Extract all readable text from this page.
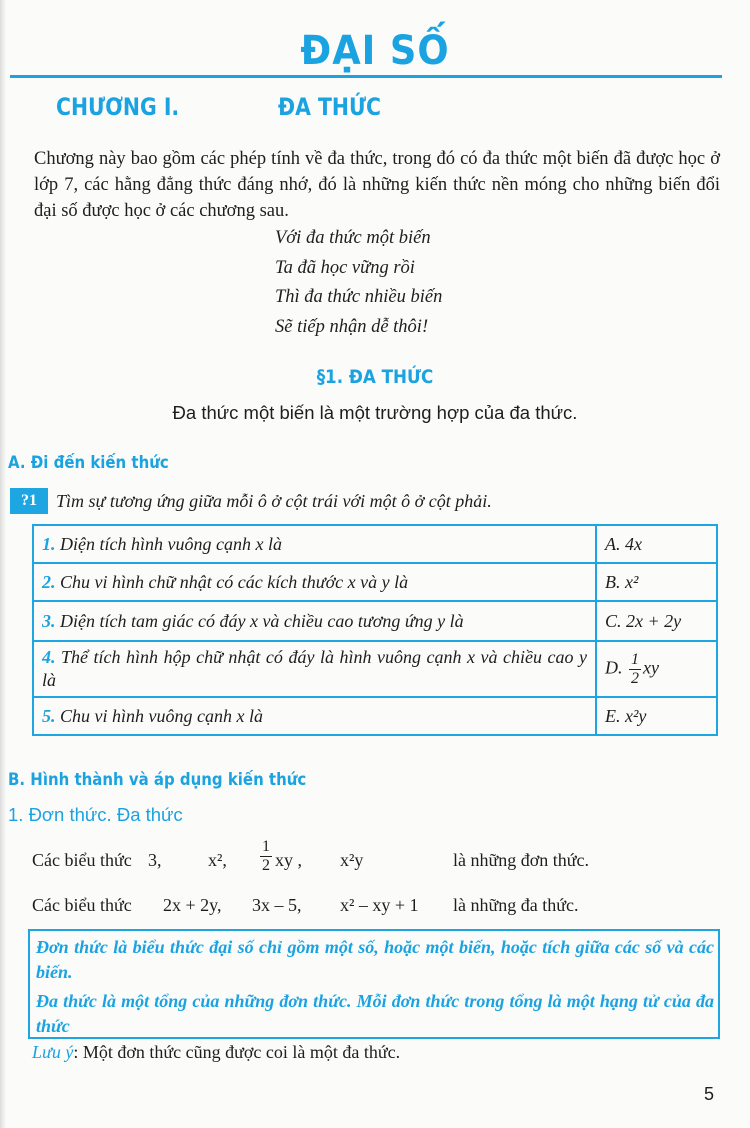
ĐẠI SỐ
CHƯƠNG I.	ĐA THỨC
Chương này bao gồm các phép tính về đa thức, trong đó có đa thức một biến đã được học ở lớp 7, các hằng đẳng thức đáng nhớ, đó là những kiến thức nền móng cho những biến đổi đại số được học ở các chương sau.
Với đa thức một biến
Ta đã học vững rồi
Thì đa thức nhiều biến
Sẽ tiếp nhận dễ thôi!
§1. ĐA THỨC
Đa thức một biến là một trường hợp của đa thức.
A. Đi đến kiến thức
?1	Tìm sự tương ứng giữa mỗi ô ở cột trái với một ô ở cột phải.
1. Diện tích hình vuông cạnh x là	A. 4x
2. Chu vi hình chữ nhật có các kích thước x và y là	B. x²
3. Diện tích tam giác có đáy x và chiều cao tương ứng y là	C. 2x + 2y
4. Thể tích hình hộp chữ nhật có đáy là hình vuông cạnh x và chiều cao y là	D. $\frac{1}{2}$ xy
5. Chu vi hình vuông cạnh x là	E. x²y
B. Hình thành và áp dụng kiến thức
1. Đơn thức. Đa thức
Các biểu thức 3,	x², $\frac{1}{2}$ xy , x²y	là những đơn thức.
Các biểu thức 2x + 2y, 3x – 5, x² – xy + 1 là những đa thức.

Đơn thức là biểu thức đại số chỉ gồm một số, hoặc một biến, hoặc tích giữa các số và các biến.

Đa thức là một tổng của những đơn thức. Mỗi đơn thức trong tổng là một hạng tử của đa thức

Lưu ý: Một đơn thức cũng được coi là một đa thức.
5
